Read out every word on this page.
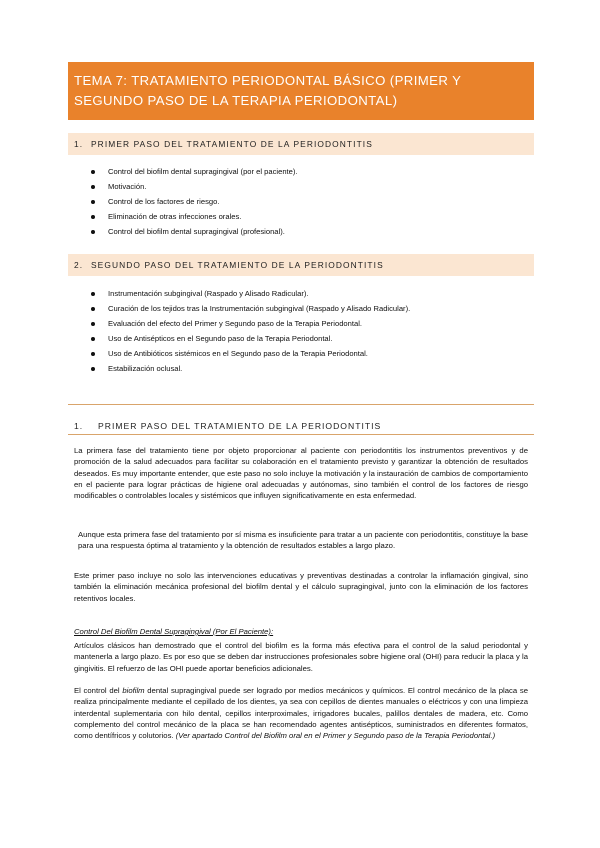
TEMA 7: TRATAMIENTO PERIODONTAL BÁSICO (PRIMER Y SEGUNDO PASO DE LA TERAPIA PERIODONTAL)
1. PRIMER PASO DEL TRATAMIENTO DE LA PERIODONTITIS
Control del biofilm dental supragingival (por el paciente).
Motivación.
Control de los factores de riesgo.
Eliminación de otras infecciones orales.
Control del biofilm dental supragingival (profesional).
2. SEGUNDO PASO DEL TRATAMIENTO DE LA PERIODONTITIS
Instrumentación subgingival (Raspado y Alisado Radicular).
Curación de los tejidos tras la Instrumentación subgingival (Raspado y Alisado Radicular).
Evaluación del efecto del Primer y Segundo paso de la Terapia Periodontal.
Uso de Antisépticos en el Segundo paso de la Terapia Periodontal.
Uso de Antibióticos sistémicos en el Segundo paso de la Terapia Periodontal.
Estabilización oclusal.
1. PRIMER PASO DEL TRATAMIENTO DE LA PERIODONTITIS

La primera fase del tratamiento tiene por objeto proporcionar al paciente con periodontitis los instrumentos preventivos y de promoción de la salud adecuados para facilitar su colaboración en el tratamiento previsto y garantizar la obtención de resultados deseados. Es muy importante entender, que este paso no solo incluye la motivación y la instauración de cambios de comportamiento en el paciente para lograr prácticas de higiene oral adecuadas y autónomas, sino también el control de los factores de riesgo modificables o controlables locales y sistémicos que influyen significativamente en esta enfermedad.

Aunque esta primera fase del tratamiento por sí misma es insuficiente para tratar a un paciente con periodontitis, constituye la base para una respuesta óptima al tratamiento y la obtención de resultados estables a largo plazo.

Este primer paso incluye no solo las intervenciones educativas y preventivas destinadas a controlar la inflamación gingival, sino también la eliminación mecánica profesional del biofilm dental y el cálculo supragingival, junto con la eliminación de los factores retentivos locales.

Control Del Biofilm Dental Supragingival (Por El Paciente):

Artículos clásicos han demostrado que el control del biofilm es la forma más efectiva para el control de la salud periodontal y mantenerla a largo plazo. Es por eso que se deben dar instrucciones profesionales sobre higiene oral (OHI) para reducir la placa y la gingivitis. El refuerzo de las OHI puede aportar beneficios adicionales.

El control del biofilm dental supragingival puede ser logrado por medios mecánicos y químicos. El control mecánico de la placa se realiza principalmente mediante el cepillado de los dientes, ya sea con cepillos de dientes manuales o eléctricos y con una limpieza interdental suplementaria con hilo dental, cepillos interproximales, irrigadores bucales, palillos dentales de madera, etc. Como complemento del control mecánico de la placa se han recomendado agentes antisépticos, suministrados en diferentes formatos, como dentífricos y colutorios. (Ver apartado Control del Biofilm oral en el Primer y Segundo paso de la Terapia Periodontal.)
